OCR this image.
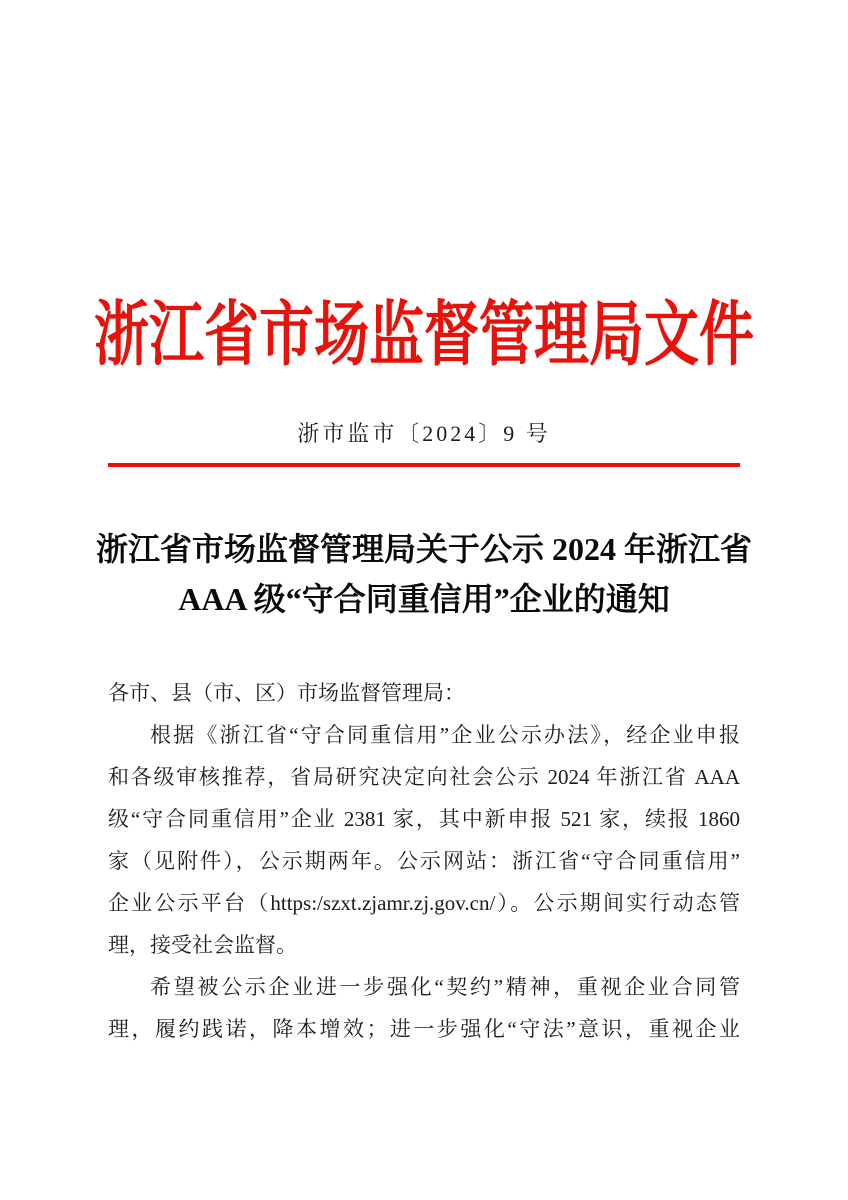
浙江省市场监督管理局文件
浙市监市〔2024〕9 号
浙江省市场监督管理局关于公示 2024 年浙江省
AAA 级“守合同重信用”企业的通知
各市、县（市、区）市场监督管理局：
根据《浙江省“守合同重信用”企业公示办法》，经企业申报
和各级审核推荐，省局研究决定向社会公示 2024 年浙江省 AAA
级“守合同重信用”企业 2381 家，其中新申报 521 家，续报 1860
家（见附件），公示期两年。公示网站：浙江省“守合同重信用”
企业公示平台（https:/szxt.zjamr.zj.gov.cn/）。公示期间实行动态管
理，接受社会监督。
希望被公示企业进一步强化“契约”精神，重视企业合同管
理，履约践诺，降本增效；进一步强化“守法”意识，重视企业
